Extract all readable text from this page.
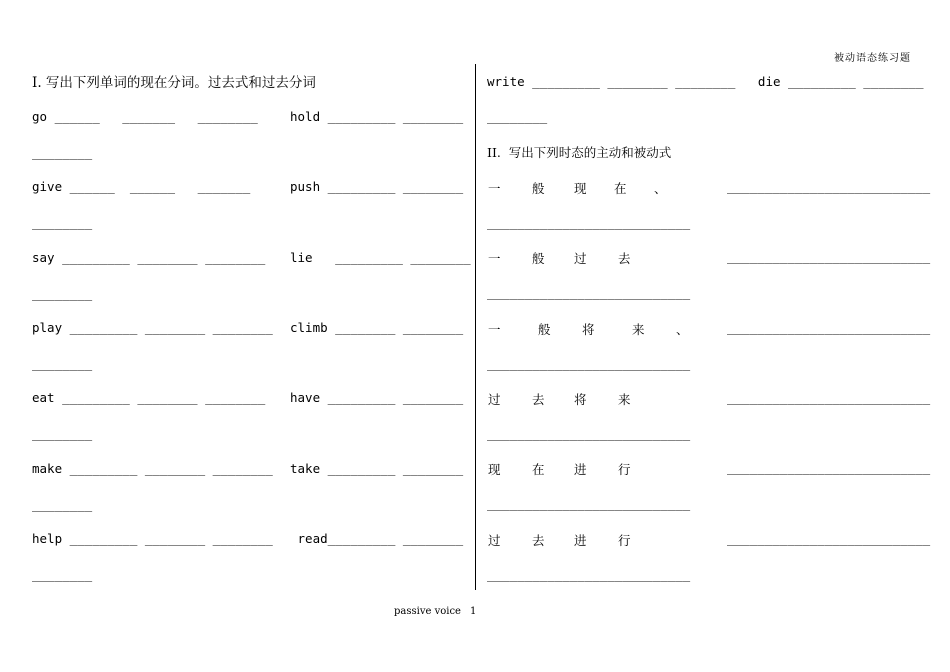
被动语态练习题
I. 写出下列单词的现在分词。过去式和过去分词
go ______   _______   ________	hold _________ ________
________
give ______  ______   _______	push _________ ________
________
say _________ ________ ________ lie   _________ ________
________
play _________ ________ ________ climb ________ ________
________
eat _________ ________ ________ have _________ ________
________
make _________ ________ ________ take _________ ________
________
help _________ ________ ________ read_________ ________
________
write _________ ________ ________   die _________ ________
________
II.  写出下列时态的主动和被动式
一	般 现 在 、	___________________________
___________________________
一	般 过	去	___________________________
___________________________
一	般	将	来	、	___________________________
___________________________
过	去 将	来	___________________________
___________________________
现	在 进	行	___________________________
___________________________
过	去 进	行	___________________________
___________________________
passive voice 1
